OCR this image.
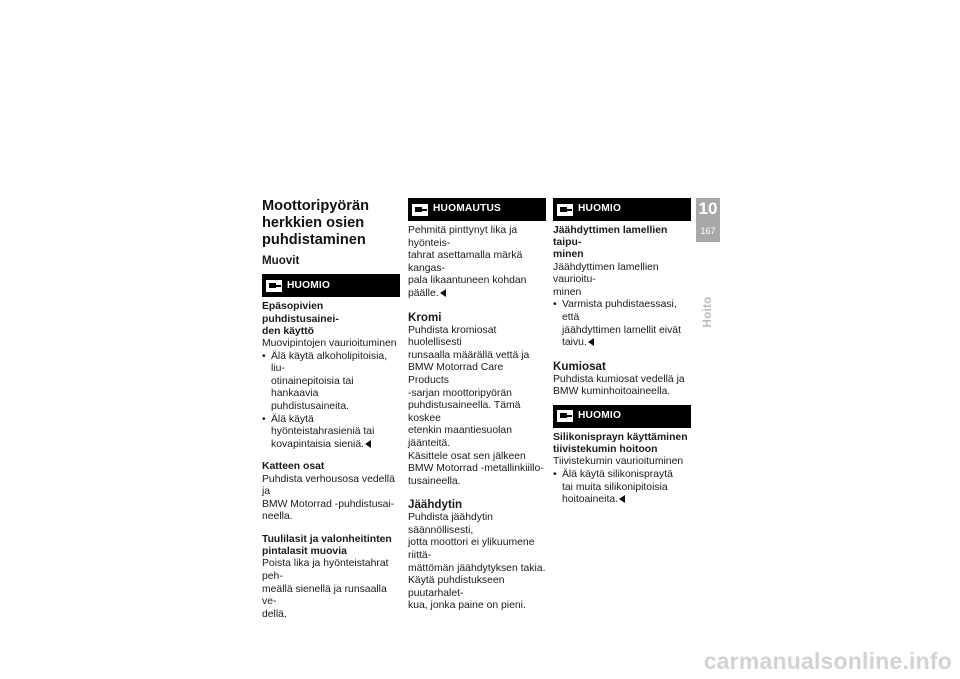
Moottoripyörän
herkkien osien
puhdistaminen
Muovit
HUOMIO
Epäsopivien puhdistusainei-
den käyttö
Muovipintojen vaurioituminen
• Älä käytä alkoholipitoisia, liu-
otinainepitoisia tai hankaavia
puhdistusaineita.
• Älä käytä hyönteistahrasieniä tai
kovapintaisia sieniä.
Katteen osat
Puhdista verhousosa vedellä ja
BMW Motorrad -puhdistusai-
neella.
Tuulilasit ja valonheitinten
pintalasit muovia
Poista lika ja hyönteistahrat peh-
meällä sienellä ja runsaalla ve-
dellä.
HUOMAUTUS
Pehmitä pinttynyt lika ja hyönteis-
tahrat asettamalla märkä kangas-
pala likaantuneen kohdan päälle.
Kromi
Puhdista kromiosat huolellisesti
runsaalla määrällä vettä ja
BMW Motorrad Care Products
-sarjan moottoripyörän
puhdistusaineella. Tämä koskee
etenkin maantiesuolan jäänteitä.
Käsittele osat sen jälkeen
BMW Motorrad -metallinkiillo-
tusaineella.
Jäähdytin
Puhdista jäähdytin säännöllisesti,
jotta moottori ei ylikuumene riittä-
mättömän jäähdytyksen takia.
Käytä puhdistukseen puutarhalet-
kua, jonka paine on pieni.
HUOMIO
Jäähdyttimen lamellien taipu-
minen
Jäähdyttimen lamellien vaurioitu-
minen
• Varmista puhdistaessasi, että
jäähdyttimen lamellit eivät
taivu.
Kumiosat
Puhdista kumiosat vedellä ja
BMW kuminhoitoaineella.
HUOMIO
Silikonisprayn käyttäminen
tiivistekumin hoitoon
Tiivistekumin vaurioituminen
• Älä käytä silikonispraytä
tai muita silikonipitoisia
hoitoaineita.
10
167
Hoito
carmanualsonline.info
